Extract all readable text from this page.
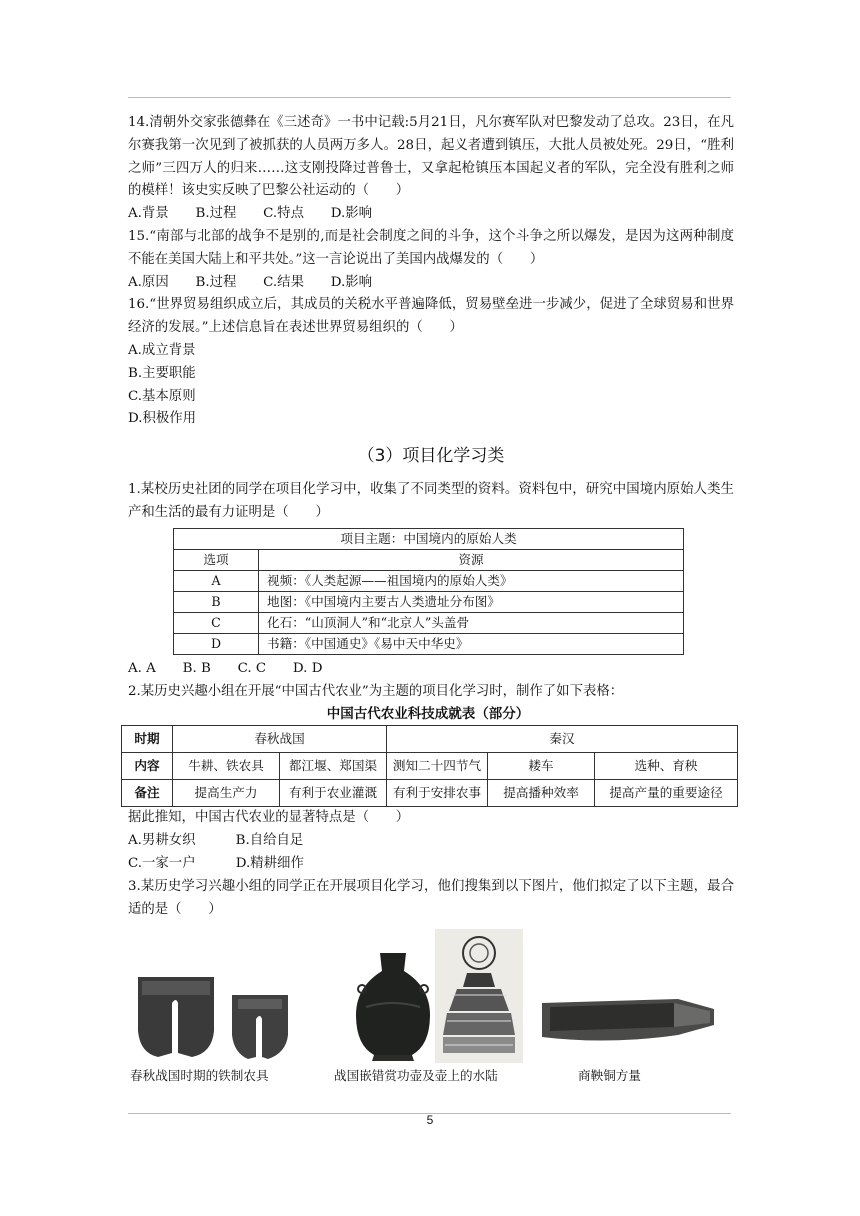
14.清朝外交家张德彝在《三述奇》一书中记载:5月21日，凡尔赛军队对巴黎发动了总攻。23日，在凡尔赛我第一次见到了被抓获的人员两万多人。28日，起义者遭到镇压，大批人员被处死。29日，“胜利之师”三四万人的归来……这支刚投降过普鲁士，又拿起枪镇压本国起义者的军队，完全没有胜利之师的模样！该史实反映了巴黎公社运动的（　　）

A.背景　　B.过程　　C.特点　　D.影响

15.“南部与北部的战争不是别的,而是社会制度之间的斗争，这个斗争之所以爆发，是因为这两种制度不能在美国大陆上和平共处。”这一言论说出了美国内战爆发的（　　）

A.原因　　B.过程　　C.结果　　D.影响

16.“世界贸易组织成立后，其成员的关税水平普遍降低，贸易壁垒进一步减少，促进了全球贸易和世界经济的发展。”上述信息旨在表述世界贸易组织的（　　）

A.成立背景

B.主要职能

C.基本原则

D.积极作用

（3）项目化学习类

1.某校历史社团的同学在项目化学习中，收集了不同类型的资料。资料包中，研究中国境内原始人类生产和生活的最有力证明是（　　）

项目主题：中国境内的原始人类	
选项	资源
A	视频：《人类起源——祖国境内的原始人类》
B	地图：《中国境内主要古人类遗址分布图》
C	化石：“山顶洞人”和“北京人”头盖骨
D	书籍：《中国通史》《易中天中华史》

A. A　　B. B　　C. C　　D. D

2.某历史兴趣小组在开展“中国古代农业”为主题的项目化学习时，制作了如下表格：

中国古代农业科技成就表（部分）
时期	春秋战国		秦汉		
内容	牛耕、铁农具	都江堰、郑国渠	测知二十四节气	耧车	选种、育秧
备注	提高生产力	有利于农业灌溉	有利于安排农事	提高播种效率	提高产量的重要途径

据此推知，中国古代农业的显著特点是（　　）

A.男耕女织　　　B.自给自足

C.一家一户　　　D.精耕细作

3.某历史学习兴趣小组的同学正在开展项目化学习，他们搜集到以下图片，他们拟定了以下主题，最合适的是（　　）

春秋战国时期的铁制农具	战国嵌错赏功壶及壶上的水陆	商鞅铜方量
5
